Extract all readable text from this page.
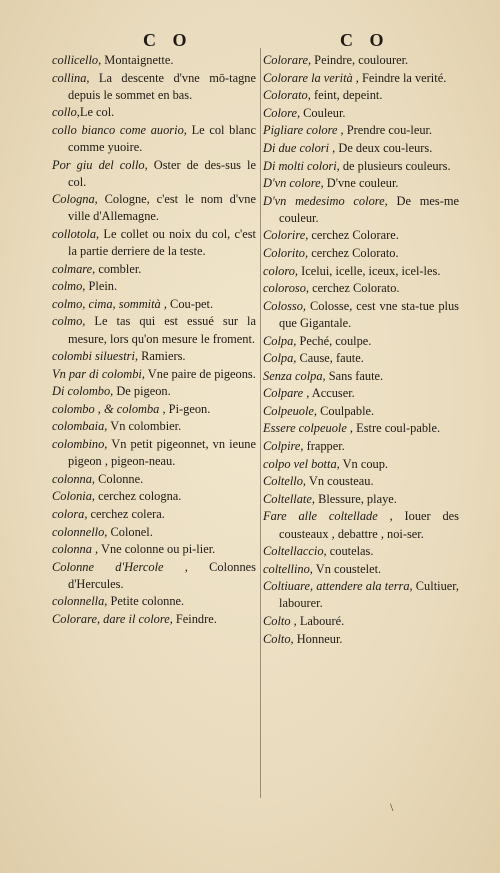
C O	C O
collicello, Montaignette.
collina, La descente d'vne mō-tagne depuis le sommet en bas.
collo,Le col.
collo bianco come auorio, Le col blanc comme yuoire.
Por giu del collo, Oster de des-sus le col.
Cologna, Cologne, c'est le nom d'vne ville d'Allemagne.
collotola, Le collet ou noix du col, c'est la partie derriere de la teste.
colmare, combler.
colmo, Plein.
colmo, cima, sommità , Cou-pet.
colmo, Le tas qui est essué sur la mesure, lors qu'on mesure le froment.
colombi siluestri, Ramiers.
Vn par di colombi, Vne paire de pigeons.
Di colombo, De pigeon.
colombo , & colomba , Pi-geon.
colombaia, Vn colombier.
colombino, Vn petit pigeonnet, vn ieune pigeon , pigeon-neau.
colonna, Colonne.
Colonia, cerchez cologna.
colora, cerchez colera.
colonnello, Colonel.
colonna , Vne colonne ou pi-lier.
Colonne d'Hercole , Colonnes d'Hercules.
colonnella, Petite colonne.
Colorare, dare il colore, Feindre.
Colorare, Peindre, coulourer.
Colorare la verità , Feindre la verité.
Colorato, feint, depeint.
Colore, Couleur.
Pigliare colore , Prendre cou-leur.
Di due colori , De deux cou-leurs.
Di molti colori, de plusieurs couleurs.
D'vn colore, D'vne couleur.
D'vn medesimo colore, De mes-me couleur.
Colorire, cerchez Colorare.
Colorito, cerchez Colorato.
coloro, Icelui, icelle, iceux, icel-les.
coloroso, cerchez Colorato.
Colosso, Colosse, cest vne sta-tue plus que Gigantale.
Colpa, Peché, coulpe.
Colpa, Cause, faute.
Senza colpa, Sans faute.
Colpare , Accuser.
Colpeuole, Coulpable.
Essere colpeuole , Estre coul-pable.
Colpire, frapper.
colpo vel botta, Vn coup.
Coltello, Vn cousteau.
Coltellate, Blessure, playe.
Fare alle coltellade , Iouer des cousteaux , debattre , noi-ser.
Coltellaccio, coutelas.
coltellino, Vn coustelet.
Coltiuare, attendere ala terra, Cultiuer, labourer.
Colto , Labouré.
Colto, Honneur.
\
